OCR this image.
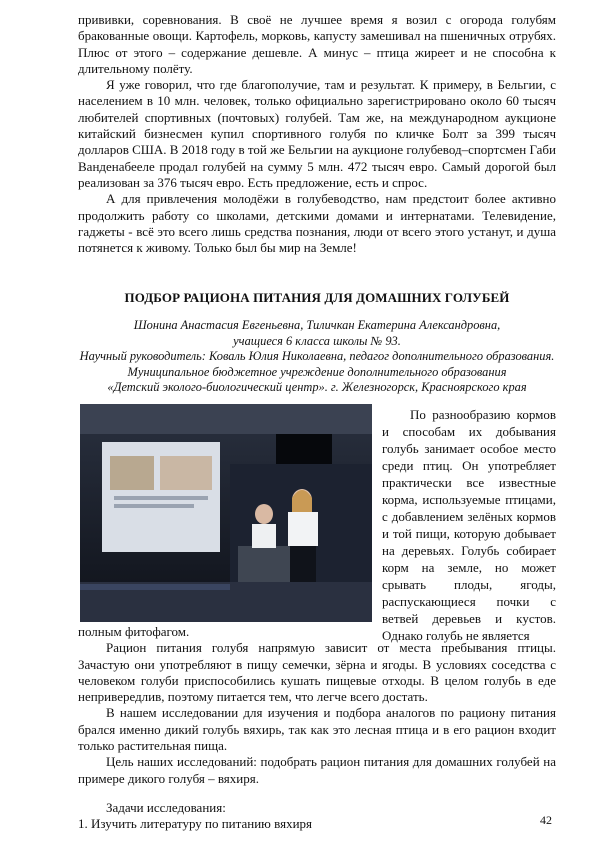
прививки, соревнования. В своё не лучшее время я возил с огорода голубям бракованные овощи. Картофель, морковь, капусту замешивал на пшеничных отрубях. Плюс от этого – содержание дешевле. А минус – птица жиреет и не способна к длительному полёту.

Я уже говорил, что где благополучие, там и результат. К примеру, в Бельгии, с населением в 10 млн. человек, только официально зарегистрировано около 60 тысяч любителей спортивных (почтовых) голубей. Там же, на международном аукционе китайский бизнесмен купил спортивного голубя по кличке Болт за 399 тысяч долларов США. В 2018 году в той же Бельгии на аукционе голубевод–спортсмен Габи Ванденабееле продал голубей на сумму 5 млн. 472 тысяч евро. Самый дорогой был реализован за 376 тысяч евро. Есть предложение, есть и спрос.

А для привлечения молодёжи в голубеводство, нам предстоит более активно продолжить работу со школами, детскими домами и интернатами. Телевидение, гаджеты - всё это всего лишь средства познания, люди от всего этого устанут, и душа потянется к живому. Только был бы мир на Земле!

ПОДБОР РАЦИОНА ПИТАНИЯ ДЛЯ ДОМАШНИХ ГОЛУБЕЙ
Шонина Анастасия Евгеньевна, Тиличкан Екатерина Александровна,
учащиеся 6 класса школы № 93.
Научный руководитель: Коваль Юлия Николаевна, педагог дополнительного образования.
Муниципальное бюджетное учреждение дополнительного образования
«Детский эколого-биологический центр». г. Железногорск, Красноярского края

По разнообразию кормов и способам их добывания голубь занимает особое место среди птиц. Он употребляет практически все известные корма, используемые птицами, с добавлением зелёных кормов и той пищи, которую добывает на деревьях. Голубь собирает корм на земле, но может срывать плоды, ягоды, распускающиеся почки с ветвей деревьев и кустов. Однако голубь не является

полным фитофагом.

Рацион питания голубя напрямую зависит от места пребывания птицы. Зачастую они употребляют в пищу семечки, зёрна и ягоды. В условиях соседства с человеком голуби приспособились кушать пищевые отходы. В целом голубь в еде непривередлив, поэтому питается тем, что легче всего достать.

В нашем исследовании для изучения и подбора аналогов по рациону питания брался именно дикий голубь вяхирь, так как это лесная птица и в его рацион входит только растительная пища.

Цель наших исследований: подобрать рацион питания для домашних голубей на примере дикого голубя – вяхиря.

Задачи исследования:

1. Изучить литературу по питанию вяхиря	42
